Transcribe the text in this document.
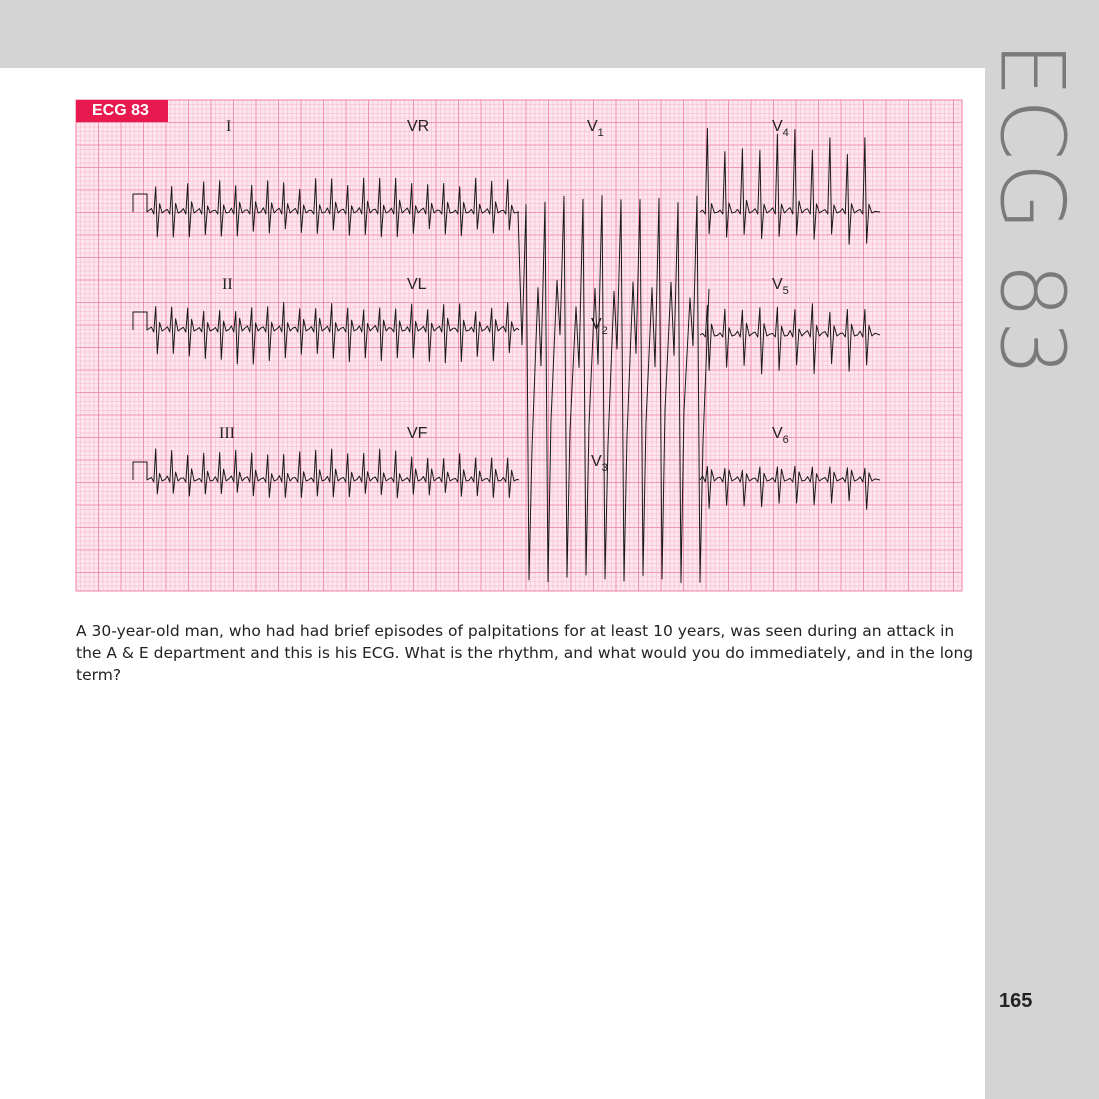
ECG 83
I	VR	$V_1$	$V_4$
II	VL
$V_2$
$V_5$
III	VF
$V_3$
$V_6$
ECG 83
A 30-year-old man, who had had brief episodes of palpitations for at least 10 years, was seen during an attack in the A & E department and this is his ECG. What is the rhythm, and what would you do immediately, and in the long term?
165
